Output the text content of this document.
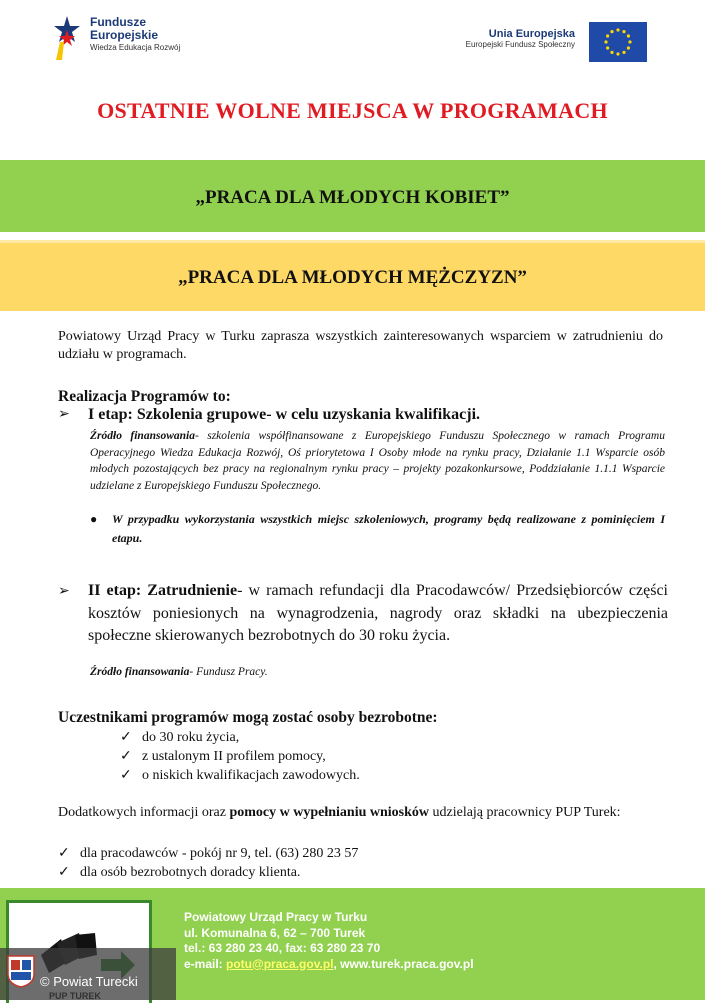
Fundusze
Europejskie
Wiedza Edukacja Rozwój
Unia Europejska
Europejski Fundusz Społeczny
OSTATNIE WOLNE MIEJSCA W PROGRAMACH
„PRACA DLA MŁODYCH KOBIET”
„PRACA DLA MŁODYCH MĘŻCZYZN”
Powiatowy Urząd Pracy w Turku zaprasza wszystkich zainteresowanych wsparciem w zatrudnieniu do udziału w programach.
Realizacja Programów to:
➢ I etap: Szkolenia grupowe- w celu uzyskania kwalifikacji.
Źródło finansowania- szkolenia współfinansowane z Europejskiego Funduszu Społecznego w ramach Programu Operacyjnego Wiedza Edukacja Rozwój, Oś priorytetowa I Osoby młode na rynku pracy, Działanie 1.1 Wsparcie osób młodych pozostających bez pracy na regionalnym rynku pracy – projekty pozakonkursowe, Poddziałanie 1.1.1 Wsparcie udzielane z Europejskiego Funduszu Społecznego.
●	W przypadku wykorzystania wszystkich miejsc szkoleniowych, programy będą realizowane z pominięciem I etapu.
➢ II etap: Zatrudnienie- w ramach refundacji dla Pracodawców/ Przedsiębiorców części kosztów poniesionych na wynagrodzenia, nagrody oraz składki na ubezpieczenia społeczne skierowanych bezrobotnych do 30 roku życia.
Źródło finansowania- Fundusz Pracy.
Uczestnikami programów mogą zostać osoby bezrobotne:
✓ do 30 roku życia,
✓ z ustalonym II profilem pomocy,
✓ o niskich kwalifikacjach zawodowych.
Dodatkowych informacji oraz pomocy w wypełnianiu wniosków udzielają pracownicy PUP Turek:
✓ dla pracodawców - pokój nr 9, tel. (63) 280 23 57
✓ dla osób bezrobotnych doradcy klienta.
Powiatowy Urząd Pracy w Turku
ul. Komunalna 6, 62 – 700 Turek
tel.: 63 280 23 40, fax: 63 280 23 70
e-mail: potu@praca.gov.pl, www.turek.praca.gov.pl
© Powiat Turecki
